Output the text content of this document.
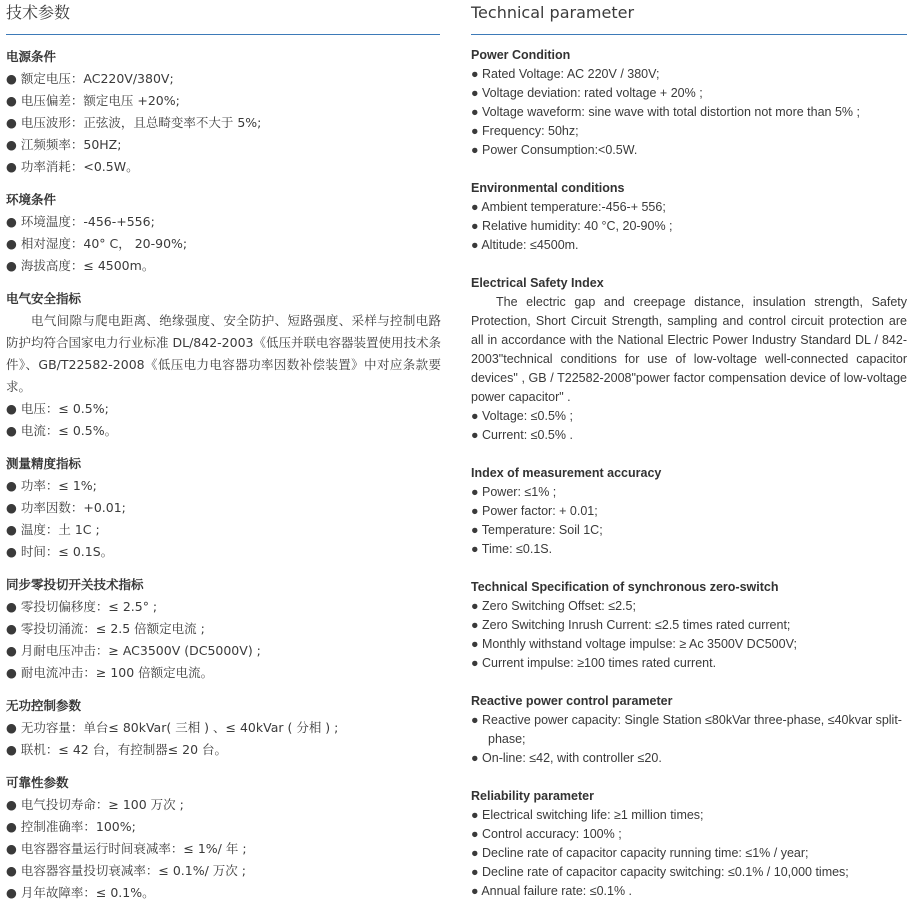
技术参数
电源条件
● 额定电压：AC220V/380V;
● 电压偏差：额定电压 +20%;
● 电压波形：正弦波，且总畸变率不大于 5%;
● 江频频率：50HZ;
● 功率消耗：<0.5W。
环境条件
● 环境温度：-456-+556;
● 相对湿度：40° C， 20-90%;
● 海拔高度：≤ 4500m。
电气安全指标
电气间隙与爬电距离、绝缘强度、安全防护、短路强度、采样与控制电路防护均符合国家电力行业标准 DL/842-2003《低压并联电容器装置使用技术条件》、GB/T22582-2008《低压电力电容器功率因数补偿装置》中对应条款要求。
● 电压：≤ 0.5%;
● 电流：≤ 0.5%。
测量精度指标
● 功率：≤ 1%;
● 功率因数：+0.01;
● 温度：土 1C ;
● 时间：≤ 0.1S。
同步零投切开关技术指标
● 零投切偏移度：≤ 2.5° ;
● 零投切涌流：≤ 2.5 倍额定电流 ;
● 月耐电压冲击：≥ AC3500V (DC5000V) ;
● 耐电流冲击：≥ 100 倍额定电流。
无功控制参数
● 无功容量：单台≤ 80kVar( 三相 ) 、≤ 40kVar ( 分相 ) ;
● 联机：≤ 42 台，有控制器≤ 20 台。
可靠性参数
● 电气投切寿命：≥ 100 万次 ;
● 控制准确率：100%;
● 电容器容量运行时间衰减率：≤ 1%/ 年 ;
● 电容器容量投切衰减率：≤ 0.1%/ 万次 ;
● 月年故障率：≤ 0.1%。
Technical parameter
Power Condition
● Rated Voltage: AC 220V / 380V;
● Voltage deviation: rated voltage + 20% ;
● Voltage waveform: sine wave with total distortion not more than 5% ;
● Frequency: 50hz;
● Power Consumption:<0.5W.
Environmental conditions
● Ambient temperature:-456-+ 556;
● Relative humidity: 40 °C, 20-90% ;
● Altitude: ≤4500m.
Electrical Safety Index
The electric gap and creepage distance, insulation strength, Safety Protection, Short Circuit Strength, sampling and control circuit protection are all in accordance with the National Electric Power Industry Standard DL / 842-2003"technical conditions for use of low-voltage well-connected capacitor devices" , GB / T22582-2008"power factor compensation device of low-voltage power capacitor" .
● Voltage: ≤0.5% ;
● Current: ≤0.5% .
Index of measurement accuracy
● Power: ≤1% ;
● Power factor: + 0.01;
● Temperature: Soil 1C;
● Time: ≤0.1S.
Technical Specification of synchronous zero-switch
● Zero Switching Offset: ≤2.5;
● Zero Switching Inrush Current: ≤2.5 times rated current;
● Monthly withstand voltage impulse: ≥ Ac 3500V DC500V;
● Current impulse: ≥100 times rated current.
Reactive power control parameter
● Reactive power capacity: Single Station ≤80kVar three-phase, ≤40kvar split-phase;
● On-line: ≤42, with controller ≤20.
Reliability parameter
● Electrical switching life: ≥1 million times;
● Control accuracy: 100% ;
● Decline rate of capacitor capacity running time: ≤1% / year;
● Decline rate of capacitor capacity switching: ≤0.1% / 10,000 times;
● Annual failure rate: ≤0.1% .
